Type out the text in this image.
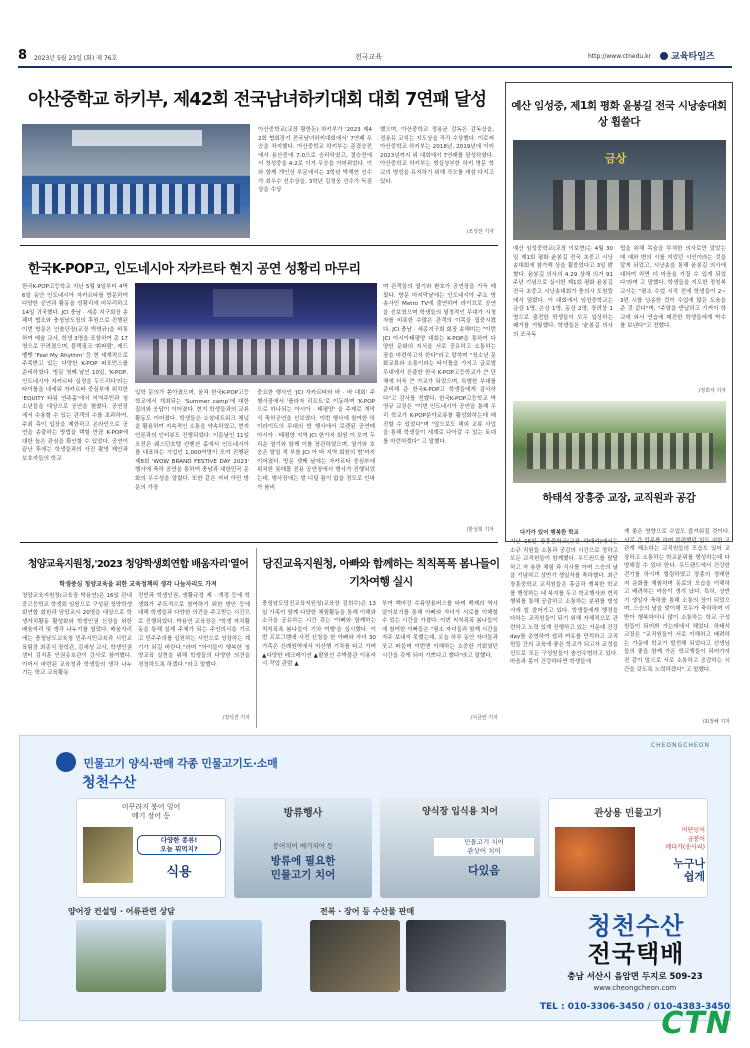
8 2023년 5월 23일 (화) 제 76호	전국교육	http://www.ctnedu.kr	교육타임즈
아산중학교 하키부, 제42회 전국남녀하키대회 대회 7연패 달성
아산중학교(교장 황한돈) 하키부가 '2023 제42회 협회장기 전국남녀하키대회에서' 7연패 우승을 차지했다. 아산중학교 하키부는 준결승전에서 용산중에 7:0으로 승리하였고, 결승전에서 청성중을 4:2로 이겨 우승을 거머쥐었다. 이와 함께 개인상 부문에서는 3학년 박재현 선수가 최우수 선수상을, 3학년 김정웅 선수가 득점상을 수상
했으며, 아산중학교 정용균 감독은 감독상을, 정용유 코치는 지도상을 각각 수상했다. 이로써 아산중학교 하키부는 2018년, 2019년에 이어 2023년까지 위 대회에서 7연패를 달성하였다. 아산중학교 하키부는 명실상부한 하키 명문 학교의 명성을 유지하기 위해 각오를 새삼 다지고 있다.
/조성찬 기자
한국K-POP고, 인도네시아 자카르타 현지 공연 성황리 마무리
한국K-POP고등학교 지난 5월 9일부터 4박 6일 동안 인도네시아 자카르타를 방문하여 다양한 공연과 활동을 성황리에 마무리하고 14일 귀국했다. JCI 충남 · 세종 지구회장 송해미 협조와 충청남도청의 후원으로 진행된 이번 방문은 인솔단장(교장 박영규)을 비롯하여 예술 교사, 학생 3명을 포함하여 총 17명으로 꾸려졌으며, 블랙핑크 '휘파람', 레드벨벳 'Feel My Rhythm' 등 현 세계적으로 주목받고 있는 다양한 K-POP 퍼포먼스를 준비하였다. 방문 첫째 날인 10일, 'K-POP, 인도네시아 자카르타 실정을 두드리다'라는 타이틀을 내세워 자카르타 중심부에 위치한 'EQUITY 타워 연주홀'에서 지역주민과 청소년들을 대상으로 공연을 펼쳤다. 공연장에서 수용할 수 있는 관객의 수를 초과하여, 주최 측이 입장을 제한하고 온라인으로 공연을 송출하는 방법을 택할 만큼 K-POP에 대한 높은 관심을 확인할 수 있었다. 공연이 끝난 후에는 학생들과의 사진 촬영 제안과 보호자들의 학교
입학 문의가 쏟아졌으며, 움쳐 한국K-POP고등학교에서 개최되는 'Summer camp'에 대한 질의와 응답이 이어졌다. 현지 학생들과의 교류 활동도 이어졌다. 학생들은 소셜네트워크 채널을 활용하여 지속적인 소통을 약속하였고, 현지 언론과의 인터뷰도 진행되었다. 이튿날인 11일 오전은 웨스턴호텔 컨벤션 홀에서 인도네시아를 대표하는 기업인 1,000여명이 모여 진행된 제8회 'WOW BRAND FESTIVE DAY 2023' 행사에 축하 공연을 통하여 충남과 대한민국 문화의 우수성을 알렸다. 또한 같은 저녁 아민 방문의 가장
중요한 행사인 'JCI 자카르타와 바 · 바 대회' 주 행사장에서 '플라자 리프트'로 이동하며 'K-POP으로 하나되는 아시아 · 태평양' 을 주제로 개막식 축하공연을 선보였다. 이번 행사에 참여한 하이라이트의 무대의 방 행사에서 로렌된 공연메 아시아 · 태평양 지역 JCI 한가지 회원 이 모여 두리운 열기와 함께 이를 장관하였으며, 열기와 호응은 탈일 적 부를 JCI 아 바 지역 회원의 밤'까지 이어졌다. 방문 셋째 날에는 자카르타 중심부에 위치한 롯데몰 전용 공연장에서 행사가 진행되었는데, 행사장에는 발 디딜 틈이 없을 정도로 인파가 붐비
며 관객들의 열기와 환호가 공연장을 가득 메웠다. 방문 마지막날에는 인도네시아 주요 방송사인 Metro TV에 출연하여 라이브로 공연을 선보였으며 학생들의 열정적인 무대가 시청자를 비롯한 수많은 관객의 이목을 집중시켰다. JCI 충남 · 세종지구회 회장 송해미는 "이번 JCI 아시아태평양 대회는 K-POP을 통하여 다양한 문화의 지식을 서로 공유하고 소통하는 장을 마련하고자 한다"라고 말하며 "청소년 문화교류와 소통이라는 타이틀을 가지고 글로벌 무대에서 진출한 한국 K-POP고등학교가 큰 단체에 더욱 큰 가교가 되었으며, 특별한 무대를 준비해 준 한국K-POP고 학생들에게 감사하다"고 감사를 전했다. 한국K-POP고등학교 박영규 교장은 "이번 인도네시아 공연을 통해 우리 학교가 K-POP분야교류를 활성화하는데 매진할 수 있었다"며 "앞으로도 해외 교류 사업을 통해 학생들이 세계로 나아갈 수 있는 토대를 마련하겠다" 고 말했다.
/한성희 기자
예산 임성중, 제1회 평화 윤봉길 전국 시낭송대회 상 휩쓸다
금상
예산 임성중학교(교장 이보현)는 4월 30일 제1회 평화 윤봉길 전국 초중고 시낭송대회에 참가해 상을 휩쓸었다고 3일 밝혔다. 윤봉길 의사의 4.29 상해 의거 91주년 기념으로 실시한 제1회 평화 윤봉길 전국 초중고 시낭송대회가 충의사 도원뜰에서 열렸다. 이 대회에서 임성중학교는 금상 1명, 은상 1명, 동상 2명, 장려상 1명으로 출전한 학생들이 모두 입상하는 쾌거를 거뒀했다. 학생들은 '윤봉길 의사의 조국독
립을 위해 목숨을 투쳐한 의사로만 알았는데 예와 변의 시를 지었던 시인이라는 것을 알게 되었고, 시낭송을 통해 윤봉길 의사에 대하여 하면 더 마음을 가질 수 있게 되었다'라며 고 말했다. 학생들을 지도한 정칭복 교사는 "평소 수업 시작 전에 학생들이 2~3편 시를 낭송한 것이 수업에 많은 도움을 준 것 같다"며, "주말을 반납하고 기꺼이 학교에 와서 연습에 매진한 학생들에게 박수를 보낸다"고 전했다.
/정희자 기자
하태석 장흥중 교장, 교직원과 공감
다가가 있어 행복한 학교
지난 15일 장흥중학교(교장 하태석)에서는 소규 직원들 소통과 공감의 시간으로 정하고 모든 교직원들이 함께했다. 우드원드를 탈탈하고 자 용한 체험 과 식사를 아며 스승의 날을 기념하고 상반기 생일자를 축하했다. 최근 장흥중학교 교직원들은 휴급과 행복한 학교를 행성하는 네 복지를 두고 학교행사와 현직 행위를 통해 공감하고 소통하는 분위를 형성시에 힘 쓸어가고 있다. 학생들에게 행정을 다하는 교직원들이 되기 위해 자체적으로 관련하고 노력 있게 진행하고 있는 가운데 건강day를 운영하여 쉽과 여유를 만끽하고 교직원들 간의 교육에 좋은 학교가 되고자 교정을 선도로 모든 구성원들이 솔선수범하고 있다. 마음과 몸이 건강하다면 학생들에
게 좋은 영향으로 수업도 즐거워질 것이다. 서로 간 업무를 하며 불편했던 일도 지한 코관계 해소하는 교직원들의 모습도 있어 교장하고 소통하는 학교분위를 형성하는데 다양해질 수 있다 한다. 우드랜드에서 건강한 걷기를 하시며 힐링하였고 장흥의 정래한 저 운화를 체험하며 동료의 모습을 이해하고 배려하는 마음이 생겨 났다. 특히, 상반기 생일자 축하를 통해 소통의 장이 되었으며, 스승의 날을 맞이해 모두가 축하하며 이 받아 행복하더니 많이 소통하는 학교 구성원들이 되어봐 가는데에서 해었다. 하태석 교장은 "교직원들이 서로 이해하고 배려하는 가운데 학교가 발전해 되었다고 선생님들의 좋을 함께 가온 학교행들이 되어가자 전 같이 말으로 서로 소통하고 공감하는 시간을 갖도록 노력하겠다" 고 말했다.
/최정혜 기자
청양교육지원청,'2023 청양학생회연합 배움자리'열어
학생중심 청양교육을 위한 교육정책의 생각 나눔자리도 가져
청양교육지원청(교육장 박용연)은 16일 관내 중고등학교 학생회 임원으로 구성된 청양학생회연합 회원과 담당교사 20명을 대상으로 학생자치활동 활성화와 학생인권 신장을 위한 배움자리 및 생각 나누기를 열었다. 배움자리에는 충청남도교육청 민주시민교육과 시민교육팀장 최종식 장학관, 김세성 교사, 학생인권센터 김지훈 인권옹호관이 강사로 참여했다. 이어서 마련된 교육청과 학생들의 생각 나누기는 학교 교육활동
전반과 학생인권, 생활규정 제 · 개정 등에 학생회가 주도적으로 참여하기 위한 방안 등에 대해 학생들과 다양한 의견을 주고받는 시간으로 진행되었다. 박용연 교육장은 "학생 자치활동을 통해 실제 주체가 되는 주인의식을 기르고 민주주의를 실천하는 시민으로 성장하는 계기가 되길 바란다."라며 "아이들이 행복한 청양교육 실현을 위해 학생들의 다양한 의견을 경청하도록 하겠다."라고 말했다.
/정석진 기자
당진교육지원청, 아빠와 함께하는 칙칙폭폭 봄나들이 기차여행 실시
충청남도당진교육지원청(교육장 김희수)은 13일 가족이 함께 다양한 체험활동을 통해 이해와 소극을 공유하는 시간 갖는 '아빠와 함께하는 칙칙폭폭 봄나들이 기차 여행'을 실시했다. 이번 프로그램에 사전 신청을 한 아빠와 자녀 30가족은 신례원역에서 익산행 기차를 타고 가며 ▲다양한 레크레이션 ▲팔원선 수박물관 이용자시 작업 관람 ▲
부여 백마강 수륙양용버스를 타며 백제의 역사 알아보기를 통해 아빠와 자녀가 서로를 이해할 수 있는 시간을 가졌다. 이번 칙칙폭폭 봄나들이에 참여한 이빠들은 "평소 자녀들과 함께 시간을 자주 보내지 못했는데, 오늘 하루 동안 자녀들과 웃고 떠들며 이번엔 이해하는 소중한 기회였던 시간을 갖게 되어 기쁘다고 했다"라고 말했다.
/서금란 기자
CHEONGCHEON
민물고기 양식·판매 각종 민물고기도·소매
청천수산
미꾸라지 붕어 잉어
메기 장어 등
다양한 종류!
오늘 뭐먹지?
식용
방류행사
붕어치어 메기치어 등
방류에 필요한
민물고기 치어
양식장 입식용 치어
민물고기 치어
관상어 치어
다있음
관상용 민물고기
비단잉어
금붕어
메다카(송사리)
누구나
쉽게
양어장 컨설팅 · 어류관련 상담	전복 · 장어 등 수산물 판매
청천수산
전국택배
충남 서산시 음암면 두지로 509-23
www.cheongcheon.com
TEL : 010-3306-3450 / 010-4383-3450
CTN
